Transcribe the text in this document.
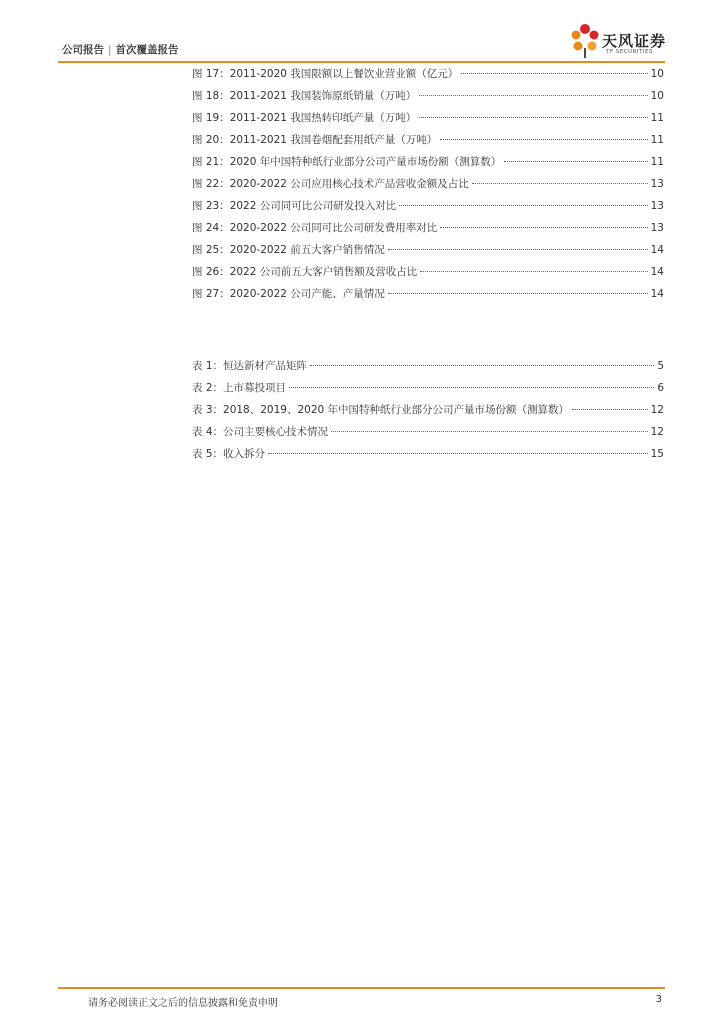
公司报告 | 首次覆盖报告	天风证券
TF SECURITIES
图 17：2011-2020 我国限额以上餐饮业营业额（亿元）	10
图 18：2011-2021 我国装饰原纸销量（万吨）	10
图 19：2011-2021 我国热转印纸产量（万吨）	11
图 20：2011-2021 我国卷烟配套用纸产量（万吨）	11
图 21：2020 年中国特种纸行业部分公司产量市场份额（测算数）	11
图 22：2020-2022 公司应用核心技术产品营收金额及占比	13
图 23：2022 公司同可比公司研发投入对比	13
图 24：2020-2022 公司同可比公司研发费用率对比	13
图 25：2020-2022 前五大客户销售情况	14
图 26：2022 公司前五大客户销售额及营收占比	14
图 27：2020-2022 公司产能、产量情况	14
表 1：恒达新材产品矩阵	5
表 2：上市募投项目	6
表 3：2018、2019、2020 年中国特种纸行业部分公司产量市场份额（测算数）	12
表 4：公司主要核心技术情况	12
表 5：收入拆分	15
请务必阅读正文之后的信息披露和免责申明	3
